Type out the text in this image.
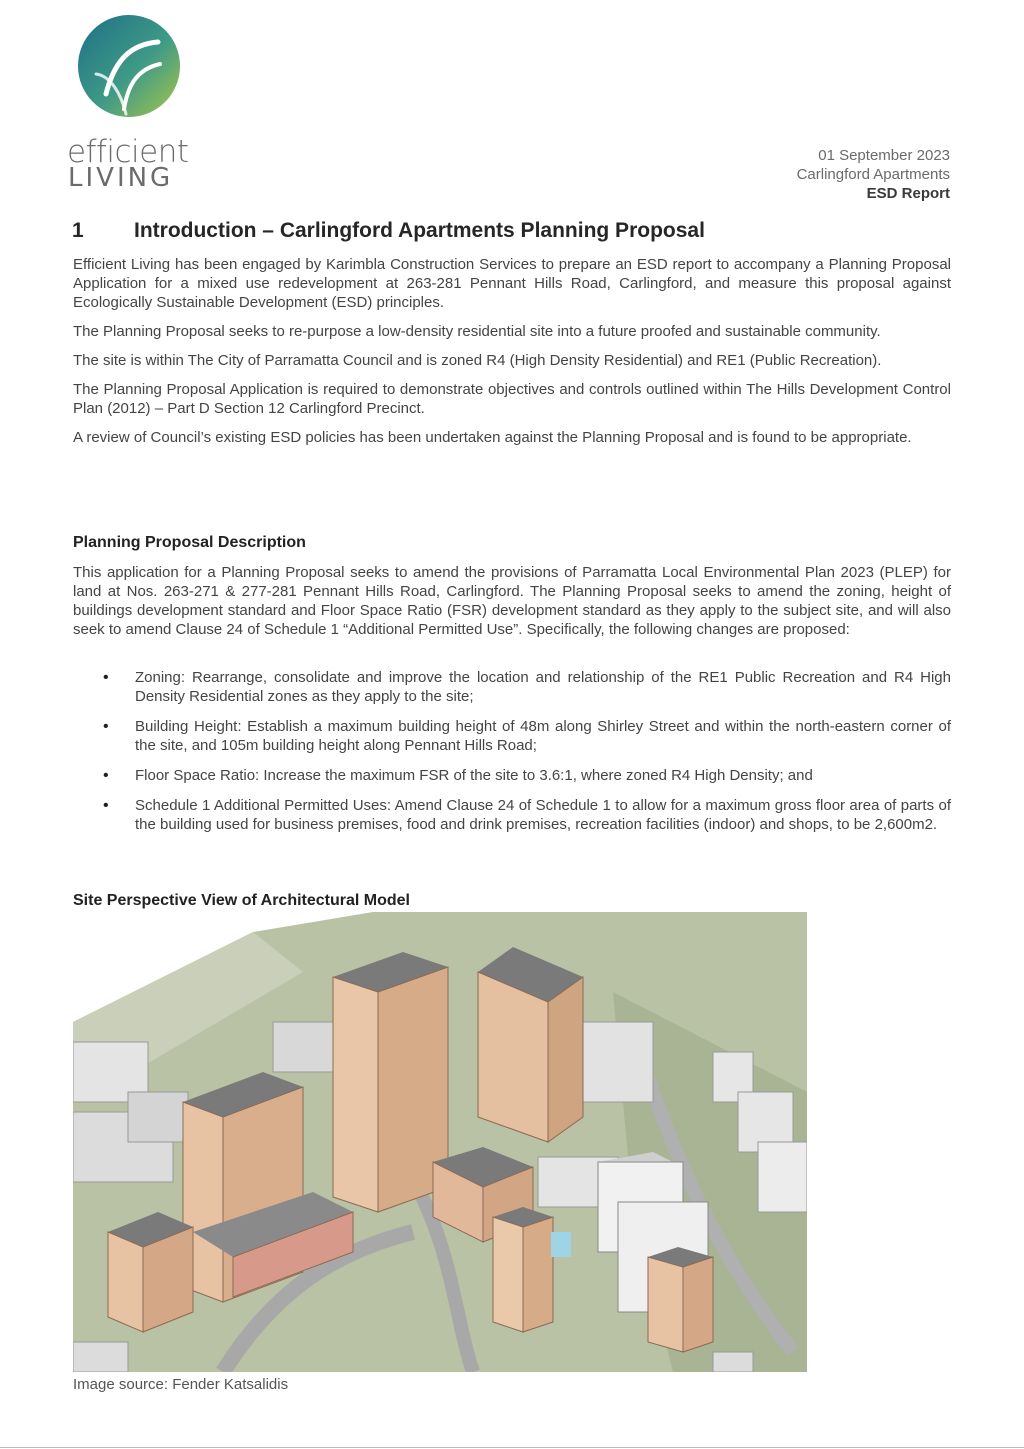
efficient
LIVING
01 September 2023
Carlingford Apartments
ESD Report
1 Introduction – Carlingford Apartments Planning Proposal

Efficient Living has been engaged by Karimbla Construction Services to prepare an ESD report to accompany a Planning Proposal Application for a mixed use redevelopment at 263-281 Pennant Hills Road, Carlingford, and measure this proposal against Ecologically Sustainable Development (ESD) principles.

The Planning Proposal seeks to re-purpose a low-density residential site into a future proofed and sustainable community.

The site is within The City of Parramatta Council and is zoned R4 (High Density Residential) and RE1 (Public Recreation).

The Planning Proposal Application is required to demonstrate objectives and controls outlined within The Hills Development Control Plan (2012) – Part D Section 12 Carlingford Precinct.

A review of Council’s existing ESD policies has been undertaken against the Planning Proposal and is found to be appropriate.

Planning Proposal Description

This application for a Planning Proposal seeks to amend the provisions of Parramatta Local Environmental Plan 2023 (PLEP) for land at Nos. 263-271 & 277-281 Pennant Hills Road, Carlingford. The Planning Proposal seeks to amend the zoning, height of buildings development standard and Floor Space Ratio (FSR) development standard as they apply to the subject site, and will also seek to amend Clause 24 of Schedule 1 “Additional Permitted Use”. Specifically, the following changes are proposed:

• Zoning: Rearrange, consolidate and improve the location and relationship of the RE1 Public Recreation and R4 High Density Residential zones as they apply to the site;
• Building Height: Establish a maximum building height of 48m along Shirley Street and within the north-eastern corner of the site, and 105m building height along Pennant Hills Road;
• Floor Space Ratio: Increase the maximum FSR of the site to 3.6:1, where zoned R4 High Density; and
• Schedule 1 Additional Permitted Uses: Amend Clause 24 of Schedule 1 to allow for a maximum gross floor area of parts of the building used for business premises, food and drink premises, recreation facilities (indoor) and shops, to be 2,600m2.
Site Perspective View of Architectural Model
Image source: Fender Katsalidis
